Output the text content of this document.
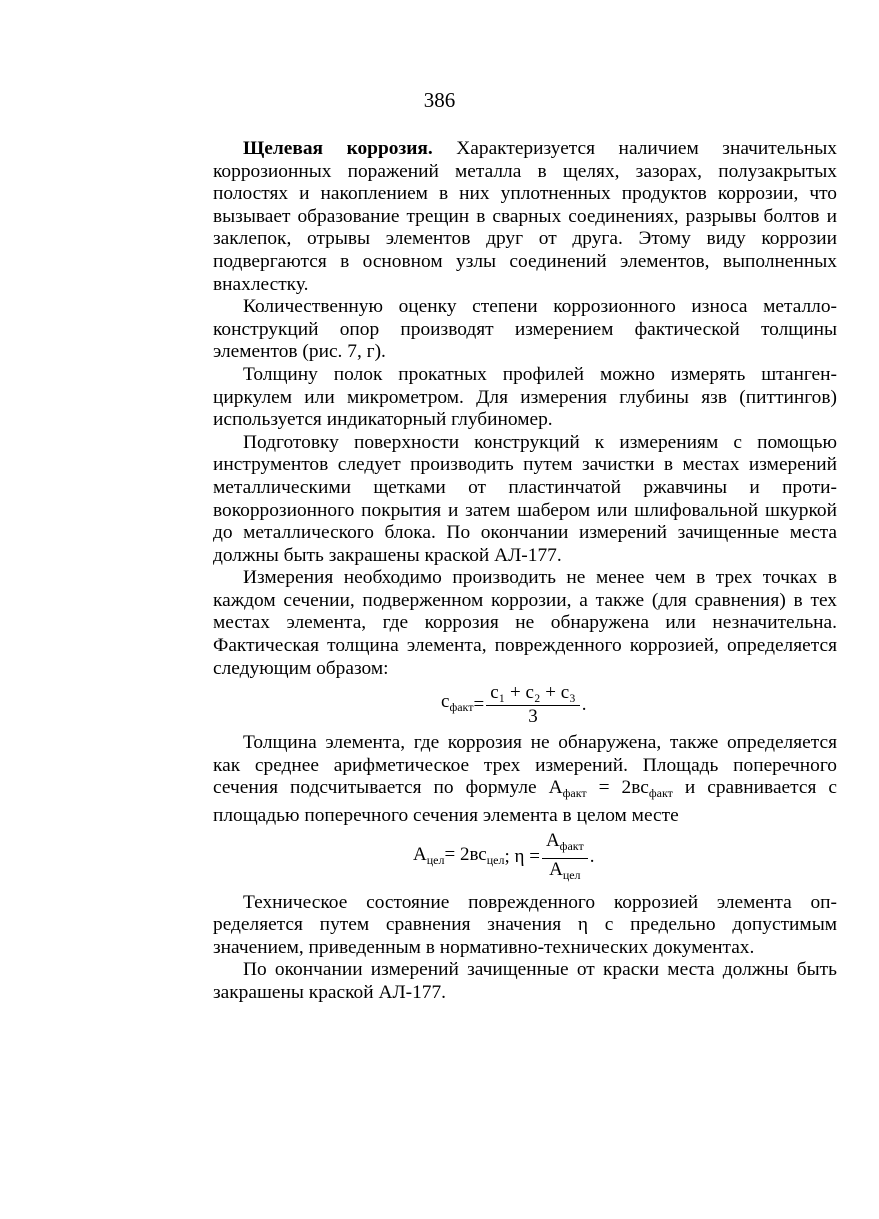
386

Щелевая коррозия. Характеризуется наличием значительных коррозионных поражений металла в щелях, зазорах, полузакрытых полостях и накоплением в них уплотненных продуктов коррозии, что вызывает образование трещин в сварных соединениях, разрывы болтов и заклепок, отрывы элементов друг от друга. Этому виду коррозии подвергаются в основном узлы соединений элементов, выполненных внахлестку.

Количественную оценку степени коррозионного износа металлоконструкций опор производят измерением фактической толщины элементов (рис. 7, г).

Толщину полок прокатных профилей можно измерять штангенциркулем или микрометром. Для измерения глубины язв (питтингов) используется индикаторный глубиномер.

Подготовку поверхности конструкций к измерениям с помощью инструментов следует производить путем зачистки в местах измерений металлическими щетками от пластинчатой ржавчины и противокоррозионного покрытия и затем шабером или шлифовальной шкуркой до металлического блока. По окончании измерений зачищенные места должны быть закрашены краской АЛ-177.

Измерения необходимо производить не менее чем в трех точках в каждом сечении, подверженном коррозии, а также (для сравнения) в тех местах элемента, где коррозия не обнаружена или незначительна. Фактическая толщина элемента, поврежденного коррозией, определяется следующим образом:

$с_{факт} = \frac{\text{с₁ + с₂ + с₃}}{3}$ .

Толщина элемента, где коррозия не обнаружена, также определяется как среднее арифметическое трех измерений. Площадь поперечного сечения подсчитывается по формуле $A_{факт} = 2вс_{факт}$ и сравнивается с площадью поперечного сечения элемента в целом месте

$А_{цел} = 2вс_{цел}$ ; $\eta = \frac{А_{факт}}{А_{цел}}$ .

Техническое состояние поврежденного коррозией элемента определяется путем сравнения значения η с предельно допустимым значением, приведенным в нормативно-технических документах.

По окончании измерений зачищенные от краски места должны быть закрашены краской АЛ-177.
